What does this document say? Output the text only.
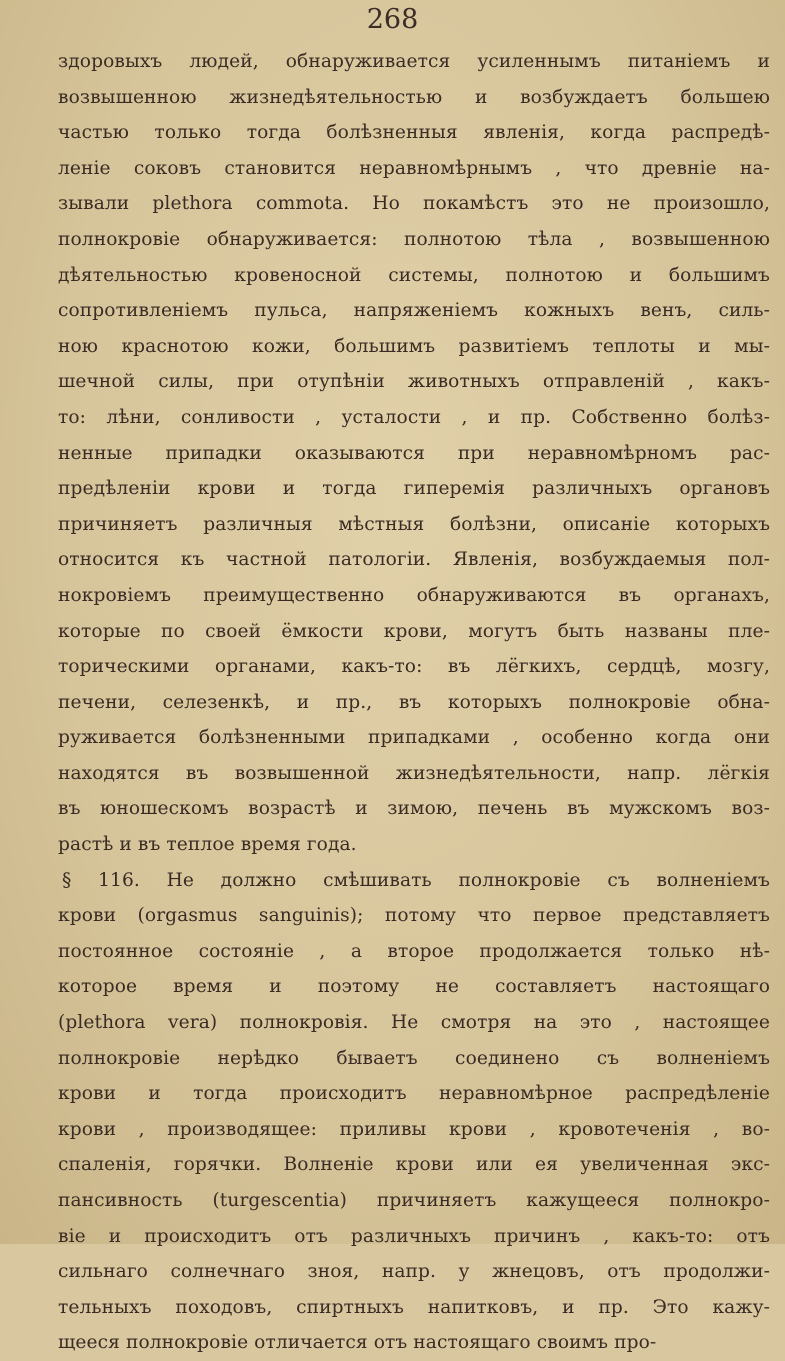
268
здоровыхъ людей, обнаруживается усиленнымъ питанiемъ и
возвышенною жизнедѣятельностью и возбуждаетъ большею
частью только тогда болѣзненныя явленiя, когда распредѣ-
ленiе соковъ становится неравномѣрнымъ , что древнiе на-
зывали plethora commota. Но покамѣстъ это не произошло,
полнокровiе обнаруживается: полнотою тѣла , возвышенною
дѣятельностью кровеносной системы, полнотою и большимъ
сопротивленiемъ пульса, напряженiемъ кожныхъ венъ, силь-
ною краснотою кожи, большимъ развитiемъ теплоты и мы-
шечной силы, при отупѣнiи животныхъ отправленiй , какъ-
то: лѣни, сонливости , усталости , и пр. Собственно болѣз-
ненные припадки оказываются при неравномѣрномъ рас-
предѣленiи крови и тогда гиперемiя различныхъ органовъ
причиняетъ различныя мѣстныя болѣзни, описанiе которыхъ
относится къ частной патологiи. Явленiя, возбуждаемыя пол-
нокровiемъ преимущественно обнаруживаются въ органахъ,
которые по своей ёмкости крови, могутъ быть названы пле-
торическими органами, какъ-то: въ лёгкихъ, сердцѣ, мозгу,
печени, селезенкѣ, и пр., въ которыхъ полнокровiе обна-
руживается болѣзненными припадками , особенно когда они
находятся въ возвышенной жизнедѣятельности, напр. лёгкiя
въ юношескомъ возрастѣ и зимою, печень въ мужскомъ воз-
растѣ и въ теплое время года.
§ 116. Не должно смѣшивать полнокровiе съ волненiемъ
крови (orgasmus sanguinis); потому что первое представляетъ
постоянное состоянiе , а второе продолжается только нѣ-
которое время и поэтому не составляетъ настоящаго
(plethora vera) полнокровiя. Не смотря на это , настоящее
полнокровiе нерѣдко бываетъ соединено съ волненiемъ
крови и тогда происходитъ неравномѣрное распредѣленiе
крови , производящее: приливы крови , кровотеченiя , во-
спаленiя, горячки. Волненiе крови или ея увеличенная экс-
пансивность (turgescentia) причиняетъ кажущееся полнокро-
вiе и происходитъ отъ различныхъ причинъ , какъ-то: отъ
сильнаго солнечнаго зноя, напр. у жнецовъ, отъ продолжи-
тельныхъ походовъ, спиртныхъ напитковъ, и пр. Это кажу-
щееся полнокровiе отличается отъ настоящаго своимъ про-
